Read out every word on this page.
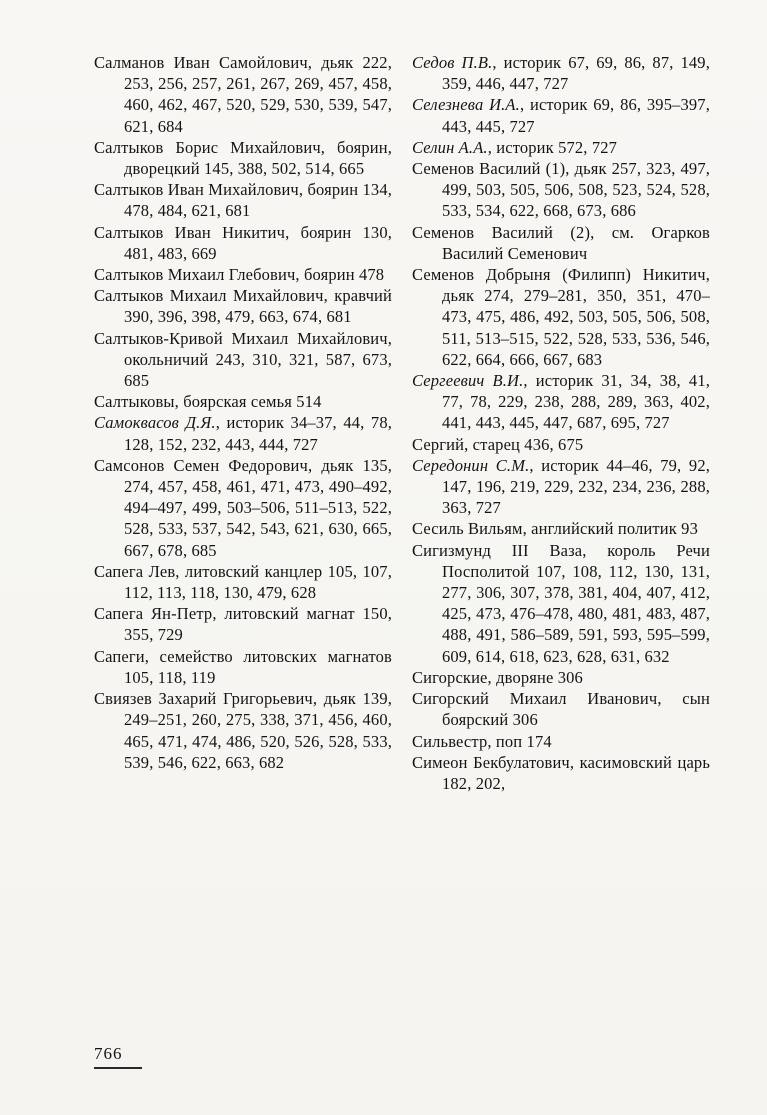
Салманов Иван Самойлович, дьяк 222, 253, 256, 257, 261, 267, 269, 457, 458, 460, 462, 467, 520, 529, 530, 539, 547, 621, 684

Салтыков Борис Михайлович, боярин, дворецкий 145, 388, 502, 514, 665

Салтыков Иван Михайлович, боярин 134, 478, 484, 621, 681

Салтыков Иван Никитич, боярин 130, 481, 483, 669

Салтыков Михаил Глебович, боярин 478

Салтыков Михаил Михайлович, кравчий 390, 396, 398, 479, 663, 674, 681

Салтыков-Кривой Михаил Михайлович, окольничий 243, 310, 321, 587, 673, 685

Салтыковы, боярская семья 514

Самоквасов Д.Я., историк 34–37, 44, 78, 128, 152, 232, 443, 444, 727

Самсонов Семен Федорович, дьяк 135, 274, 457, 458, 461, 471, 473, 490–492, 494–497, 499, 503–506, 511–513, 522, 528, 533, 537, 542, 543, 621, 630, 665, 667, 678, 685

Сапега Лев, литовский канцлер 105, 107, 112, 113, 118, 130, 479, 628

Сапега Ян-Петр, литовский магнат 150, 355, 729

Сапеги, семейство литовских магнатов 105, 118, 119

Свиязев Захарий Григорьевич, дьяк 139, 249–251, 260, 275, 338, 371, 456, 460, 465, 471, 474, 486, 520, 526, 528, 533, 539, 546, 622, 663, 682

Седов П.В., историк 67, 69, 86, 87, 149, 359, 446, 447, 727

Селезнева И.А., историк 69, 86, 395–397, 443, 445, 727

Селин А.А., историк 572, 727

Семенов Василий (1), дьяк 257, 323, 497, 499, 503, 505, 506, 508, 523, 524, 528, 533, 534, 622, 668, 673, 686

Семенов Василий (2), см. Огарков Василий Семенович

Семенов Добрыня (Филипп) Никитич, дьяк 274, 279–281, 350, 351, 470–473, 475, 486, 492, 503, 505, 506, 508, 511, 513–515, 522, 528, 533, 536, 546, 622, 664, 666, 667, 683

Сергеевич В.И., историк 31, 34, 38, 41, 77, 78, 229, 238, 288, 289, 363, 402, 441, 443, 445, 447, 687, 695, 727

Сергий, старец 436, 675

Середонин С.М., историк 44–46, 79, 92, 147, 196, 219, 229, 232, 234, 236, 288, 363, 727

Сесиль Вильям, английский политик 93

Сигизмунд III Ваза, король Речи Посполитой 107, 108, 112, 130, 131, 277, 306, 307, 378, 381, 404, 407, 412, 425, 473, 476–478, 480, 481, 483, 487, 488, 491, 586–589, 591, 593, 595–599, 609, 614, 618, 623, 628, 631, 632

Сигорские, дворяне 306

Сигорский Михаил Иванович, сын боярский 306

Сильвестр, поп 174

Симеон Бекбулатович, касимовский царь 182, 202,

766
